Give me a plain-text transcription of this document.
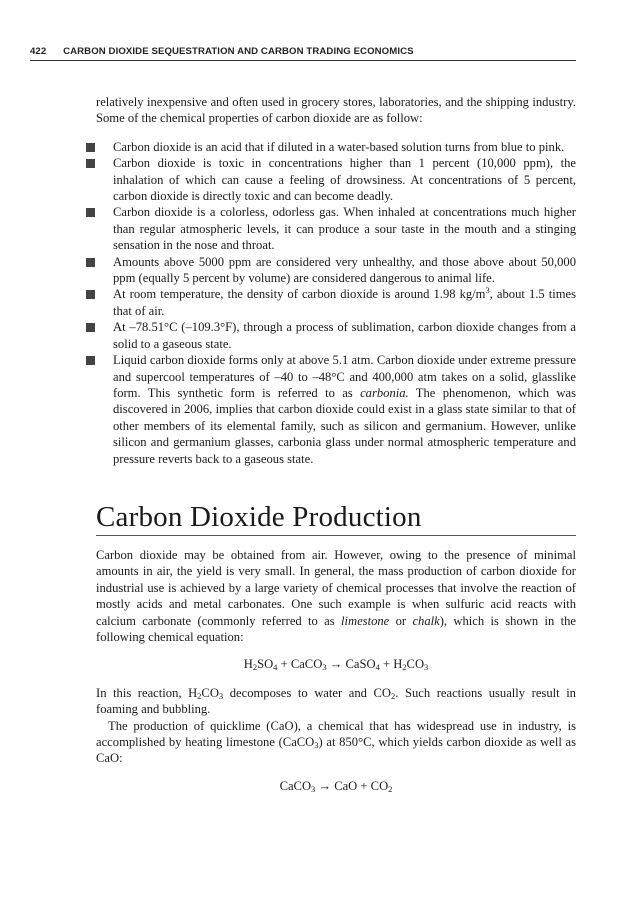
422 CARBON DIOXIDE SEQUESTRATION AND CARBON TRADING ECONOMICS

relatively inexpensive and often used in grocery stores, laboratories, and the shipping industry. Some of the chemical properties of carbon dioxide are as follow:

Carbon dioxide is an acid that if diluted in a water-based solution turns from blue to pink.
Carbon dioxide is toxic in concentrations higher than 1 percent (10,000 ppm), the inhalation of which can cause a feeling of drowsiness. At concentrations of 5 percent, carbon dioxide is directly toxic and can become deadly.
Carbon dioxide is a colorless, odorless gas. When inhaled at concentrations much higher than regular atmospheric levels, it can produce a sour taste in the mouth and a stinging sensation in the nose and throat.
Amounts above 5000 ppm are considered very unhealthy, and those above about 50,000 ppm (equally 5 percent by volume) are considered dangerous to animal life.
At room temperature, the density of carbon dioxide is around 1.98 $kg/m^3$, about 1.5 times that of air.
At –78.51°C (–109.3°F), through a process of sublimation, carbon dioxide changes from a solid to a gaseous state.
Liquid carbon dioxide forms only at above 5.1 atm. Carbon dioxide under extreme pressure and supercool temperatures of –40 to –48°C and 400,000 atm takes on a solid, glasslike form. This synthetic form is referred to as carbonia. The phenomenon, which was discovered in 2006, implies that carbon dioxide could exist in a glass state similar to that of other members of its elemental family, such as silicon and germanium. However, unlike silicon and germanium glasses, carbonia glass under normal atmospheric temperature and pressure reverts back to a gaseous state.
Carbon Dioxide Production

Carbon dioxide may be obtained from air. However, owing to the presence of minimal amounts in air, the yield is very small. In general, the mass production of carbon dioxide for industrial use is achieved by a large variety of chemical processes that involve the reaction of mostly acids and metal carbonates. One such example is when sulfuric acid reacts with calcium carbonate (commonly referred to as limestone or chalk), which is shown in the following chemical equation:

$H_2SO_4$ + CaCO$_3$ → CaSO$_4$ + $H_2CO_3$

In this reaction, $H_2CO_3$ decomposes to water and $CO_2$. Such reactions usually result in foaming and bubbling.

The production of quicklime (CaO), a chemical that has widespread use in industry, is accomplished by heating limestone (CaCO$_3$) at 850°C, which yields carbon dioxide as well as CaO:

CaCO$_3$ → CaO + $CO_2$
